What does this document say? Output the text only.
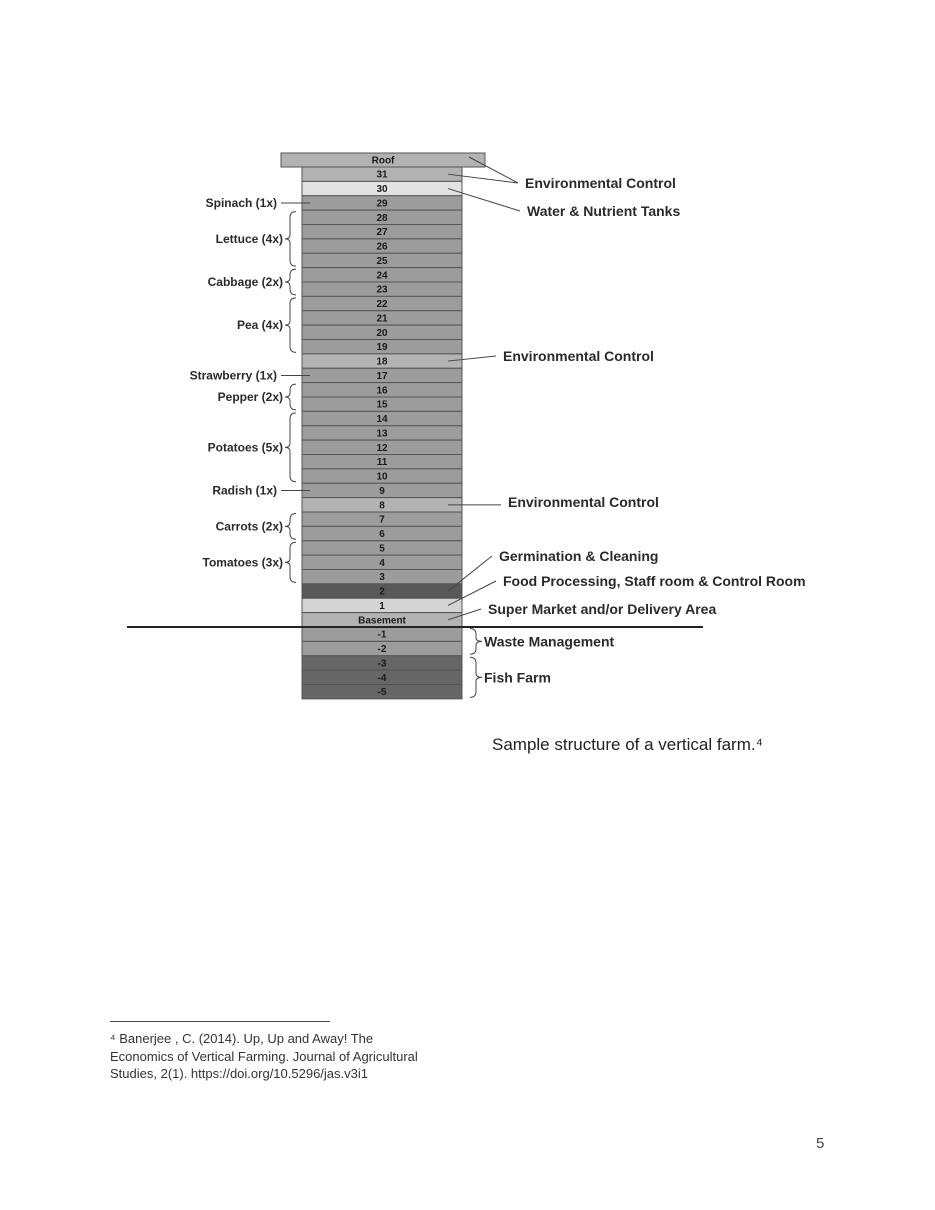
Roof
31
30
29
28
27
26
25
24
23
22
21
20
19
18
17
16
15
14
13
12
11
10
9
8
7
6
5
4
3
2
1
Basement
-1
-2
-3
-4
-5
Spinach (1x)
Lettuce (4x)
Cabbage (2x)
Pea (4x)
Strawberry (1x)
Pepper (2x)
Potatoes (5x)
Radish (1x)
Carrots (2x)
Tomatoes (3x)
Environmental Control
Water & Nutrient Tanks
Environmental Control
Environmental Control
Germination & Cleaning
Food Processing, Staff room & Control Room
Super Market and/or Delivery Area
Waste Management
Fish Farm
Sample structure of a vertical farm.⁴
⁴ Banerjee , C. (2014). Up, Up and Away! The Economics of Vertical Farming. Journal of Agricultural Studies, 2(1). https://doi.org/10.5296/jas.v3i1
5
